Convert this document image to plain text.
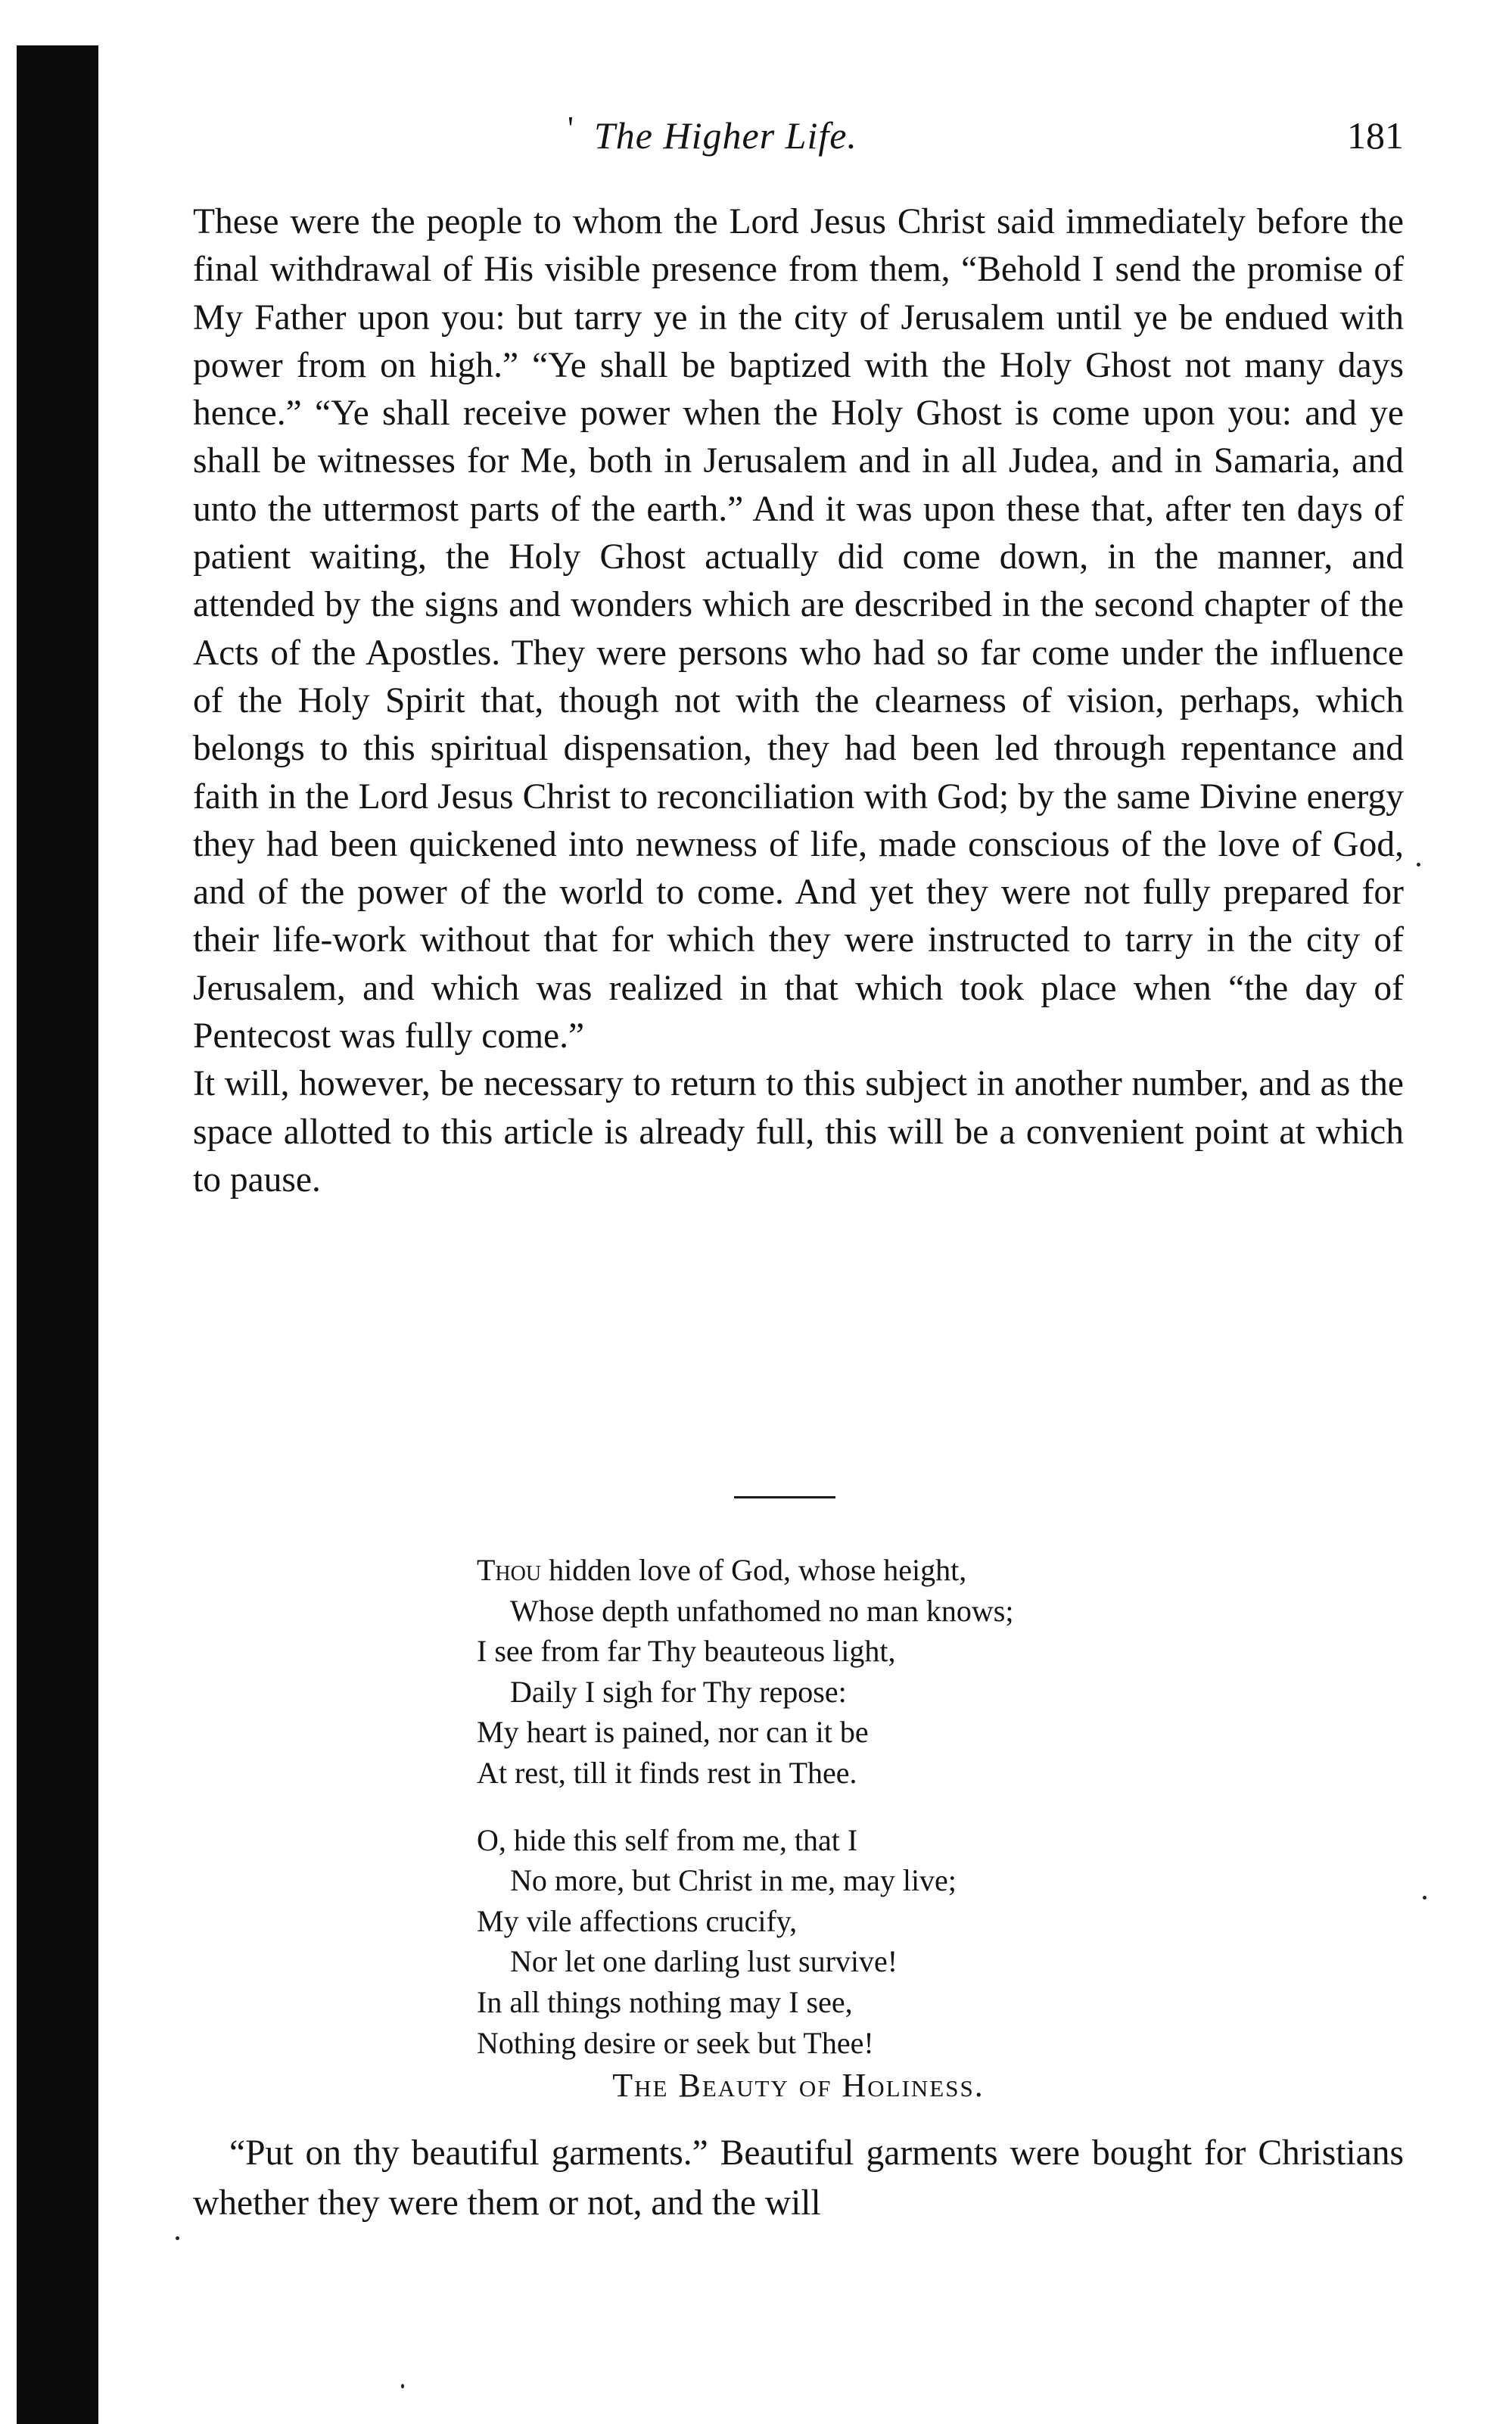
' The Higher Life.	181

These were the people to whom the Lord Jesus Christ said immediately before the final withdrawal of His visible presence from them, “Behold I send the promise of My Father upon you: but tarry ye in the city of Jerusalem until ye be endued with power from on high.” “Ye shall be baptized with the Holy Ghost not many days hence.” “Ye shall receive power when the Holy Ghost is come upon you: and ye shall be witnesses for Me, both in Jerusalem and in all Judea, and in Samaria, and unto the uttermost parts of the earth.” And it was upon these that, after ten days of patient waiting, the Holy Ghost actually did come down, in the manner, and attended by the signs and wonders which are described in the second chapter of the Acts of the Apostles. They were persons who had so far come under the influence of the Holy Spirit that, though not with the clearness of vision, perhaps, which belongs to this spiritual dispensation, they had been led through repentance and faith in the Lord Jesus Christ to reconciliation with God; by the same Divine energy they had been quickened into newness of life, made conscious of the love of God, and of the power of the world to come. And yet they were not fully prepared for their life-work without that for which they were instructed to tarry in the city of Jerusalem, and which was realized in that which took place when “the day of Pentecost was fully come.”

It will, however, be necessary to return to this subject in another number, and as the space allotted to this article is already full, this will be a convenient point at which to pause.

Thou hidden love of God, whose height,
Whose depth unfathomed no man knows;
I see from far Thy beauteous light,
Daily I sigh for Thy repose:
My heart is pained, nor can it be
At rest, till it finds rest in Thee.
O, hide this self from me, that I
No more, but Christ in me, may live;
My vile affections crucify,
Nor let one darling lust survive!
In all things nothing may I see,
Nothing desire or seek but Thee!
The Beauty of Holiness.

“Put on thy beautiful garments.” Beautiful garments were bought for Christians whether they were them or not, and the will
